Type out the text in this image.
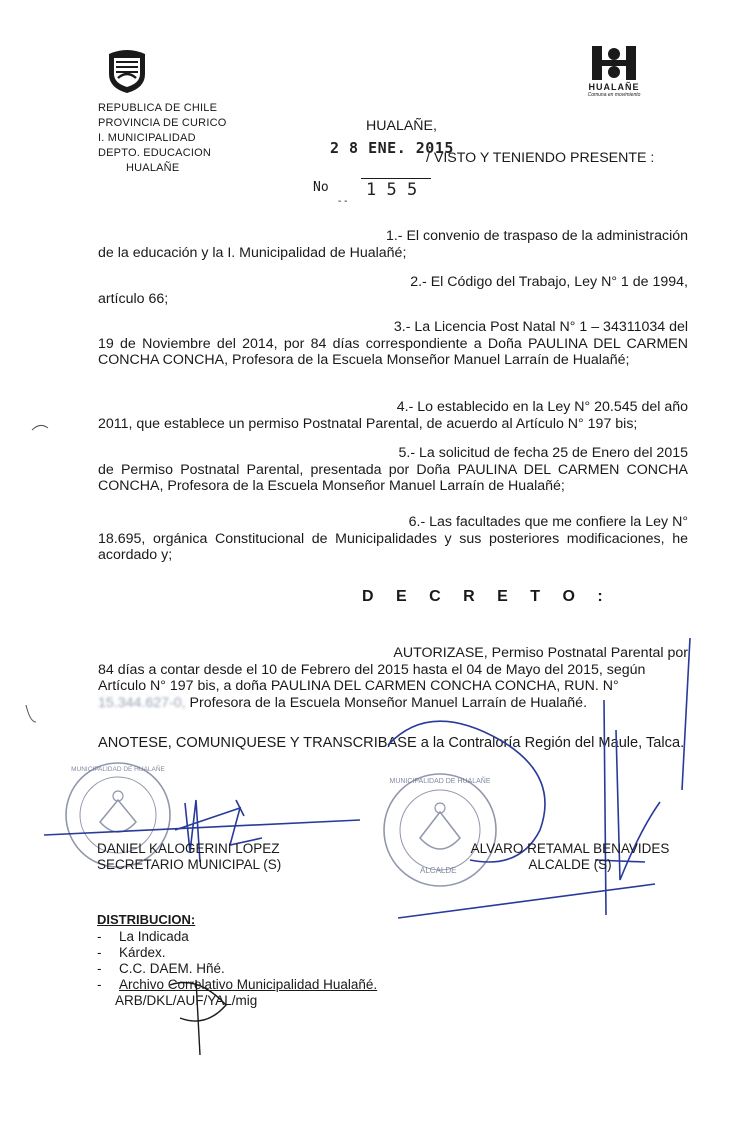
REPUBLICA DE CHILE
PROVINCIA DE CURICO
I. MUNICIPALIDAD
DEPTO. EDUCACION
HUALAÑE
HUALAÑE
Comuna en movimiento
HUALAÑE,
2 8 ENE. 2015
/ VISTO Y TENIENDO PRESENTE :
No
- -
1 5 5
1.- El convenio de traspaso de la administración
de la educación y la I. Municipalidad de Hualañé;
2.- El Código del Trabajo, Ley N° 1 de 1994,
artículo 66;
3.- La Licencia Post Natal N° 1 – 34311034 del
19 de Noviembre del 2014, por 84 días correspondiente a Doña PAULINA DEL CARMEN CONCHA CONCHA, Profesora de la Escuela Monseñor Manuel Larraín de Hualañé;
4.- Lo establecido en la Ley N° 20.545 del año
2011, que establece un permiso Postnatal Parental, de acuerdo al Artículo N° 197 bis;
5.- La solicitud de fecha 25 de Enero del 2015
de Permiso Postnatal Parental, presentada por Doña PAULINA DEL CARMEN CONCHA CONCHA, Profesora de la Escuela Monseñor Manuel Larraín de Hualañé;
6.- Las facultades que me confiere la Ley N°
18.695, orgánica Constitucional de Municipalidades y sus posteriores modificaciones, he acordado y;
D E C R E T O :
AUTORIZASE, Permiso Postnatal Parental por
84 días a contar desde el 10 de Febrero del 2015 hasta el 04 de Mayo del 2015, según
Artículo N° 197 bis, a doña PAULINA DEL CARMEN CONCHA CONCHA, RUN. N°
15.344.627-0, Profesora de la Escuela Monseñor Manuel Larraín de Hualañé.
ANOTESE, COMUNIQUESE Y TRANSCRIBASE a la Contraloría Región del Maule, Talca.
MUNICIPALIDAD DE HUALAÑE
MUNICIPALIDAD DE HUALAÑE
ALCALDE
DANIEL KALOGERINI LOPEZ
SECRETARIO MUNICIPAL (S)
ALVARO RETAMAL BENAVIDES
ALCALDE (S)
DISTRIBUCION:
- La Indicada
- Kárdex.
- C.C. DAEM. Hñé.
- Archivo Correlativo Municipalidad Hualañé.
ARB/DKL/AUF/YAL/mig
